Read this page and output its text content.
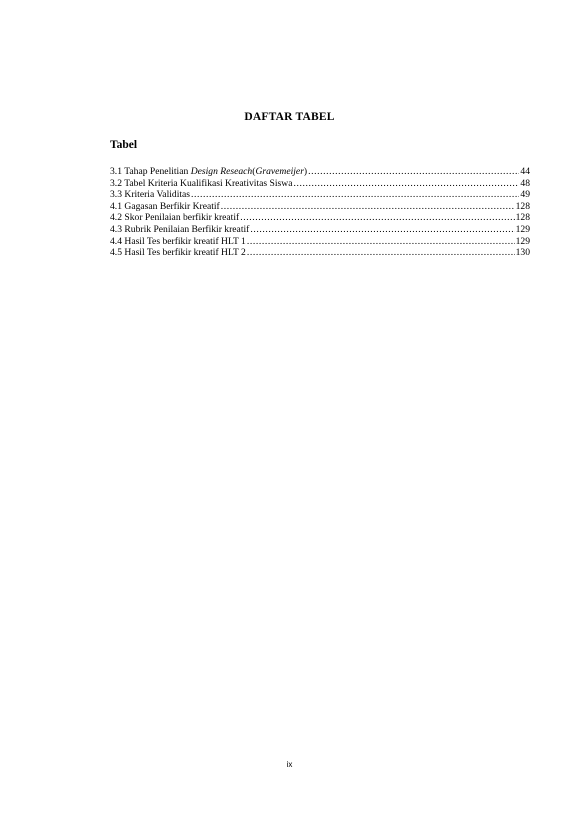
DAFTAR TABEL
Tabel
3.1 Tahap Penelitian Design Reseach(Gravemeijer) .....	44
3.2 Tabel Kriteria Kualifikasi Kreativitas Siswa .....	48
3.3 Kriteria Validitas .....	49
4.1 Gagasan Berfikir Kreatif .....	128
4.2 Skor Penilaian berfikir kreatif .....	128
4.3 Rubrik Penilaian Berfikir kreatif .....	129
4.4 Hasil Tes berfikir kreatif HLT 1 .....	129
4.5 Hasil Tes berfikir kreatif HLT 2 .....	130
ix
